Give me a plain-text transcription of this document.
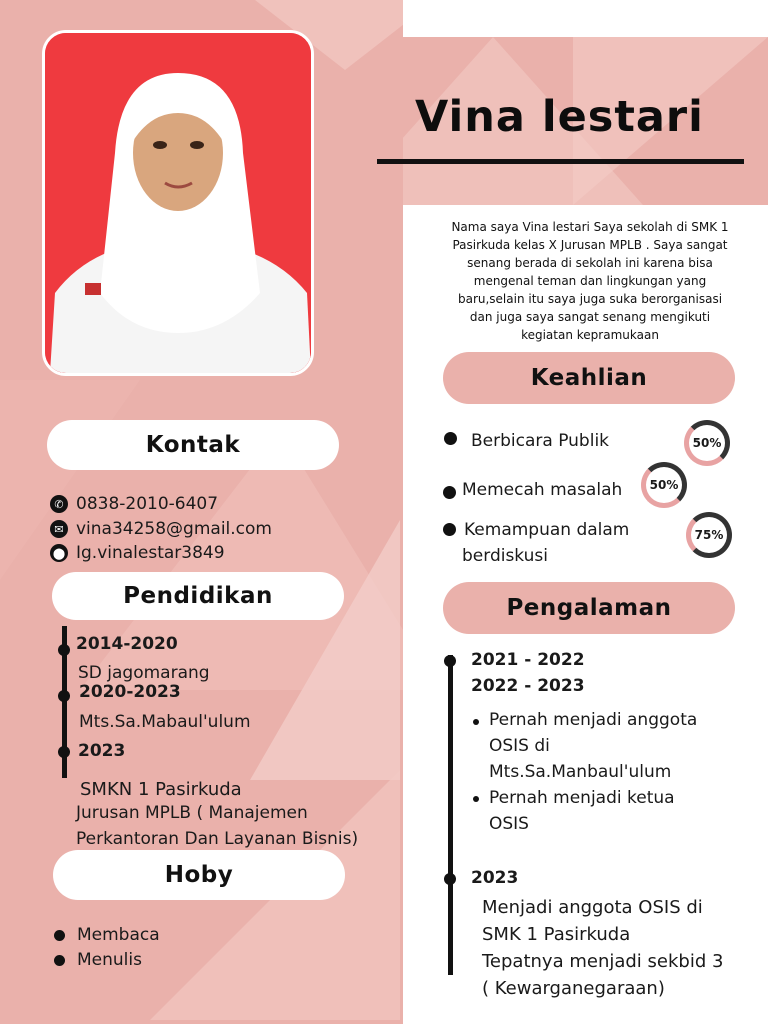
Vina lestari
Nama saya Vina lestari Saya sekolah di SMK 1 Pasirkuda kelas X Jurusan MPLB . Saya sangat senang berada di sekolah ini karena bisa mengenal teman dan lingkungan yang baru,selain itu saya juga suka berorganisasi dan juga saya sangat senang mengikuti kegiatan kepramukaan
Kontak
✆ 0838-2010-6407
✉ vina34258@gmail.com
⬤ Ig.vinalestar3849
Pendidikan
2014-2020
SD jagomarang
2020-2023
Mts.Sa.Mabaul'ulum
2023
SMKN 1 Pasirkuda
Jurusan MPLB ( Manajemen
Perkantoran Dan Layanan Bisnis)
Hoby
Membaca
Menulis
Keahlian
Berbicara Publik	50%
Memecah masalah	50%
Kemampuan dalam
berdiskusi
75%
Pengalaman
2021 - 2022
2022 - 2023
Pernah menjadi anggota
OSIS di
Mts.Sa.Manbaul'ulum
Pernah menjadi ketua
OSIS
2023
Menjadi anggota OSIS di
SMK 1 Pasirkuda
Tepatnya menjadi sekbid 3
( Kewarganegaraan)
